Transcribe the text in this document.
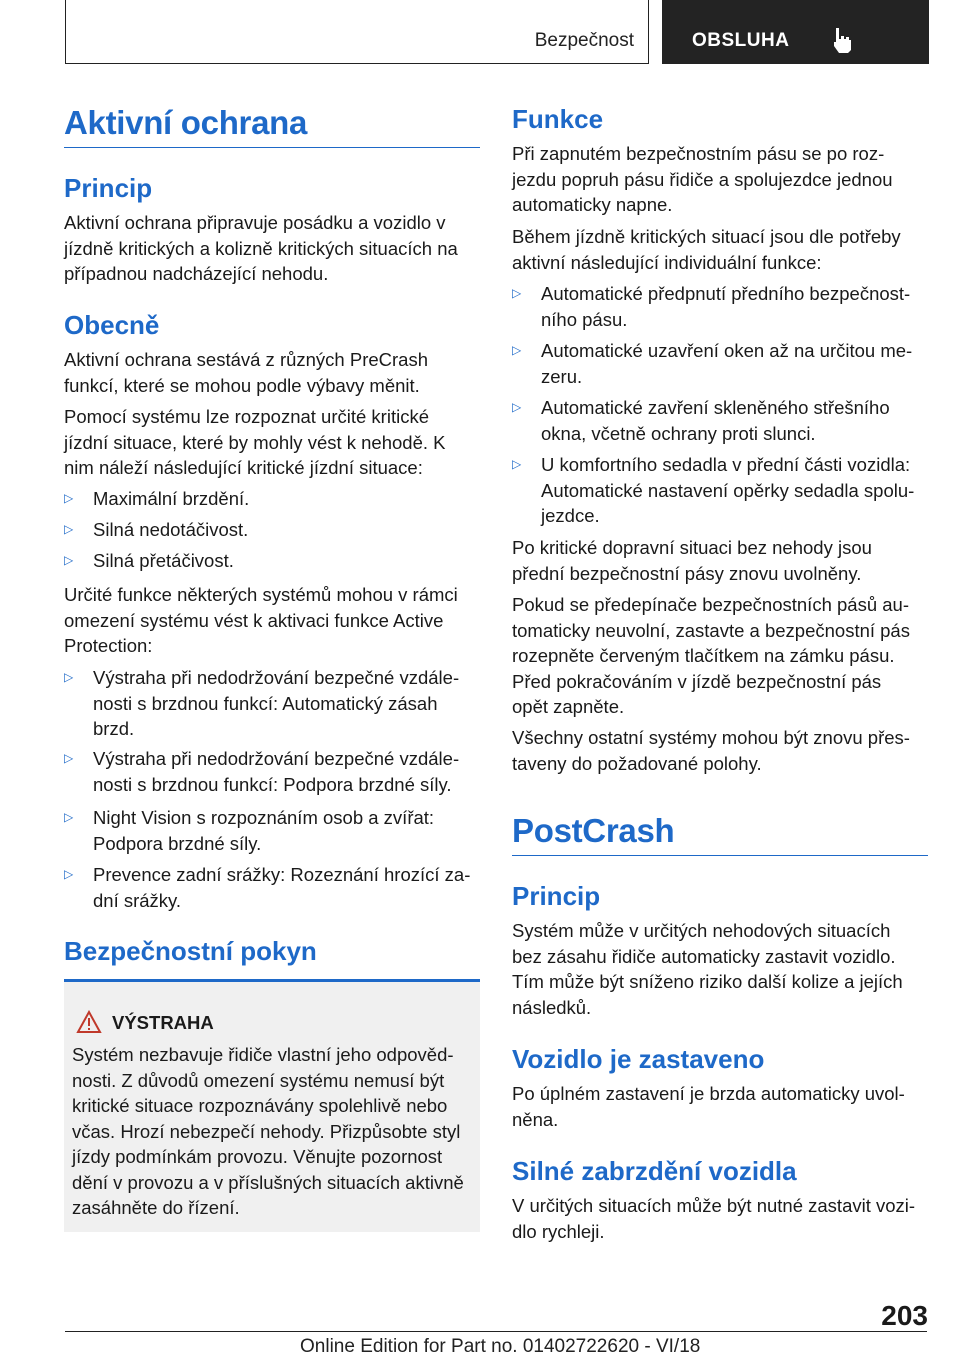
Bezpečnost	OBSLUHA
Aktivní ochrana
Princip
Aktivní ochrana připravuje posádku a vozidlo v
jízdně kritických a kolizně kritických situacích na
případnou nadcházející nehodu.
Obecně
Aktivní ochrana sestává z různých PreCrash
funkcí, které se mohou podle výbavy měnit.
Pomocí systému lze rozpoznat určité kritické
jízdní situace, které by mohly vést k nehodě. K
nim náleží následující kritické jízdní situace:
▷ Maximální brzdění.
▷ Silná nedotáčivost.
▷ Silná přetáčivost.
Určité funkce některých systémů mohou v rámci
omezení systému vést k aktivaci funkce Active
Protection:
▷ Výstraha při nedodržování bezpečné vzdále-
nosti s brzdnou funkcí: Automatický zásah
brzd.
▷ Výstraha při nedodržování bezpečné vzdále-
nosti s brzdnou funkcí: Podpora brzdné síly.
▷ Night Vision s rozpoznáním osob a zvířat:
Podpora brzdné síly.
▷ Prevence zadní srážky: Rozeznání hrozící za-
dní srážky.
Bezpečnostní pokyn
VÝSTRAHA
Systém nezbavuje řidiče vlastní jeho odpověd-
nosti. Z důvodů omezení systému nemusí být
kritické situace rozpoznávány spolehlivě nebo
včas. Hrozí nebezpečí nehody. Přizpůsobte styl
jízdy podmínkám provozu. Věnujte pozornost
dění v provozu a v příslušných situacích aktivně
zasáhněte do řízení.
Funkce
Při zapnutém bezpečnostním pásu se po roz-
jezdu popruh pásu řidiče a spolujezdce jednou
automaticky napne.
Během jízdně kritických situací jsou dle potřeby
aktivní následující individuální funkce:
▷ Automatické předpnutí předního bezpečnost-
ního pásu.
▷ Automatické uzavření oken až na určitou me-
zeru.
▷ Automatické zavření skleněného střešního
okna, včetně ochrany proti slunci.
▷ U komfortního sedadla v přední části vozidla:
Automatické nastavení opěrky sedadla spolu-
jezdce.
Po kritické dopravní situaci bez nehody jsou
přední bezpečnostní pásy znovu uvolněny.
Pokud se předepínače bezpečnostních pásů au-
tomaticky neuvolní, zastavte a bezpečnostní pás
rozepněte červeným tlačítkem na zámku pásu.
Před pokračováním v jízdě bezpečnostní pás
opět zapněte.
Všechny ostatní systémy mohou být znovu přes-
taveny do požadované polohy.
PostCrash
Princip
Systém může v určitých nehodových situacích
bez zásahu řidiče automaticky zastavit vozidlo.
Tím může být sníženo riziko další kolize a jejích
následků.
Vozidlo je zastaveno
Po úplném zastavení je brzda automaticky uvol-
něna.
Silné zabrzdění vozidla
V určitých situacích může být nutné zastavit vozi-
dlo rychleji.
203
Online Edition for Part no. 01402722620 - VI/18
